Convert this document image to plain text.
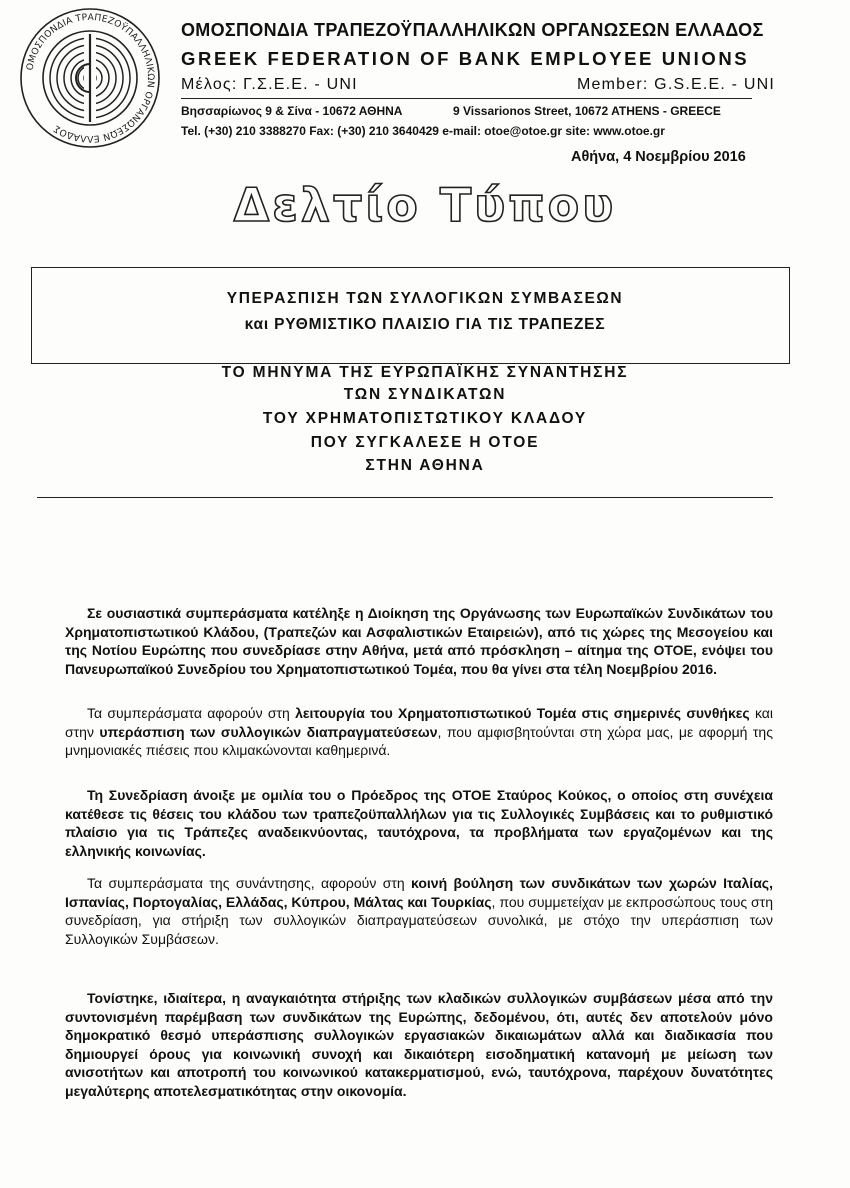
ΟΜΟΣΠΟΝΔΙΑ ΤΡΑΠΕΖΟΫΠΑΛΛΗΛΙΚΩΝ ΟΡΓΑΝΩΣΕΩΝ ΕΛΛΑΔΟΣ
ΟΜΟΣΠΟΝΔΙΑ ΤΡΑΠΕΖΟΫΠΑΛΛΗΛΙΚΩΝ ΟΡΓΑΝΩΣΕΩΝ ΕΛΛΑΔΟΣ
GREEK FEDERATION OF BANK EMPLOYEE UNIONS
Μέλος: Γ.Σ.Ε.Ε. - UNI	Member: G.S.E.E. - UNI
Βησσαρίωνος 9 & Σίνα - 10672 ΑΘΗΝΑ	9 Vissarionos Street, 10672 ATHENS - GREECE
Tel. (+30) 210 3388270 Fax: (+30) 210 3640429 e-mail: otoe@otoe.gr site: www.otoe.gr
Αθήνα, 4 Νοεμβρίου 2016
Δελτίο Τύπου
ΥΠΕΡΑΣΠΙΣΗ ΤΩΝ ΣΥΛΛΟΓΙΚΩΝ ΣΥΜΒΑΣΕΩΝ
και ΡΥΘΜΙΣΤΙΚΟ ΠΛΑΙΣΙΟ ΓΙΑ ΤΙΣ ΤΡΑΠΕΖΕΣ
ΤΟ ΜΗΝΥΜΑ ΤΗΣ ΕΥΡΩΠΑΪΚΗΣ ΣΥΝΑΝΤΗΣΗΣ
ΤΩΝ ΣΥΝΔΙΚΑΤΩΝ
ΤΟΥ ΧΡΗΜΑΤΟΠΙΣΤΩΤΙΚΟΥ ΚΛΑΔΟΥ
ΠΟΥ ΣΥΓΚΑΛΕΣΕ Η ΟΤΟΕ
ΣΤΗΝ ΑΘΗΝΑ

Σε ουσιαστικά συμπεράσματα κατέληξε η Διοίκηση της Οργάνωσης των Ευρωπαϊκών Συνδικάτων του Χρηματοπιστωτικού Κλάδου, (Τραπεζών και Ασφαλιστικών Εταιρειών), από τις χώρες της Μεσογείου και της Νοτίου Ευρώπης που συνεδρίασε στην Αθήνα, μετά από πρόσκληση – αίτημα της ΟΤΟΕ, ενόψει του Πανευρωπαϊκού Συνεδρίου του Χρηματοπιστωτικού Τομέα, που θα γίνει στα τέλη Νοεμβρίου 2016.

Τα συμπεράσματα αφορούν στη λειτουργία του Χρηματοπιστωτικού Τομέα στις σημερινές συνθήκες και στην υπεράσπιση των συλλογικών διαπραγματεύσεων, που αμφισβητούνται στη χώρα μας, με αφορμή της μνημονιακές πιέσεις που κλιμακώνονται καθημερινά.

Τη Συνεδρίαση άνοιξε με ομιλία του ο Πρόεδρος της ΟΤΟΕ Σταύρος Κούκος, ο οποίος στη συνέχεια κατέθεσε τις θέσεις του κλάδου των τραπεζοϋπαλλήλων για τις Συλλογικές Συμβάσεις και το ρυθμιστικό πλαίσιο για τις Τράπεζες αναδεικνύοντας, ταυτόχρονα, τα προβλήματα των εργαζομένων και της ελληνικής κοινωνίας.

Τα συμπεράσματα της συνάντησης, αφορούν στη κοινή βούληση των συνδικάτων των χωρών Ιταλίας, Ισπανίας, Πορτογαλίας, Ελλάδας, Κύπρου, Μάλτας και Τουρκίας, που συμμετείχαν με εκπροσώπους τους στη συνεδρίαση, για στήριξη των συλλογικών διαπραγματεύσεων συνολικά, με στόχο την υπεράσπιση των Συλλογικών Συμβάσεων.

Τονίστηκε, ιδιαίτερα, η αναγκαιότητα στήριξης των κλαδικών συλλογικών συμβάσεων μέσα από την συντονισμένη παρέμβαση των συνδικάτων της Ευρώπης, δεδομένου, ότι, αυτές δεν αποτελούν μόνο δημοκρατικό θεσμό υπεράσπισης συλλογικών εργασιακών δικαιωμάτων αλλά και διαδικασία που δημιουργεί όρους για κοινωνική συνοχή και δικαιότερη εισοδηματική κατανομή με μείωση των ανισοτήτων και αποτροπή του κοινωνικού κατακερματισμού, ενώ, ταυτόχρονα, παρέχουν δυνατότητες μεγαλύτερης αποτελεσματικότητας στην οικονομία.
